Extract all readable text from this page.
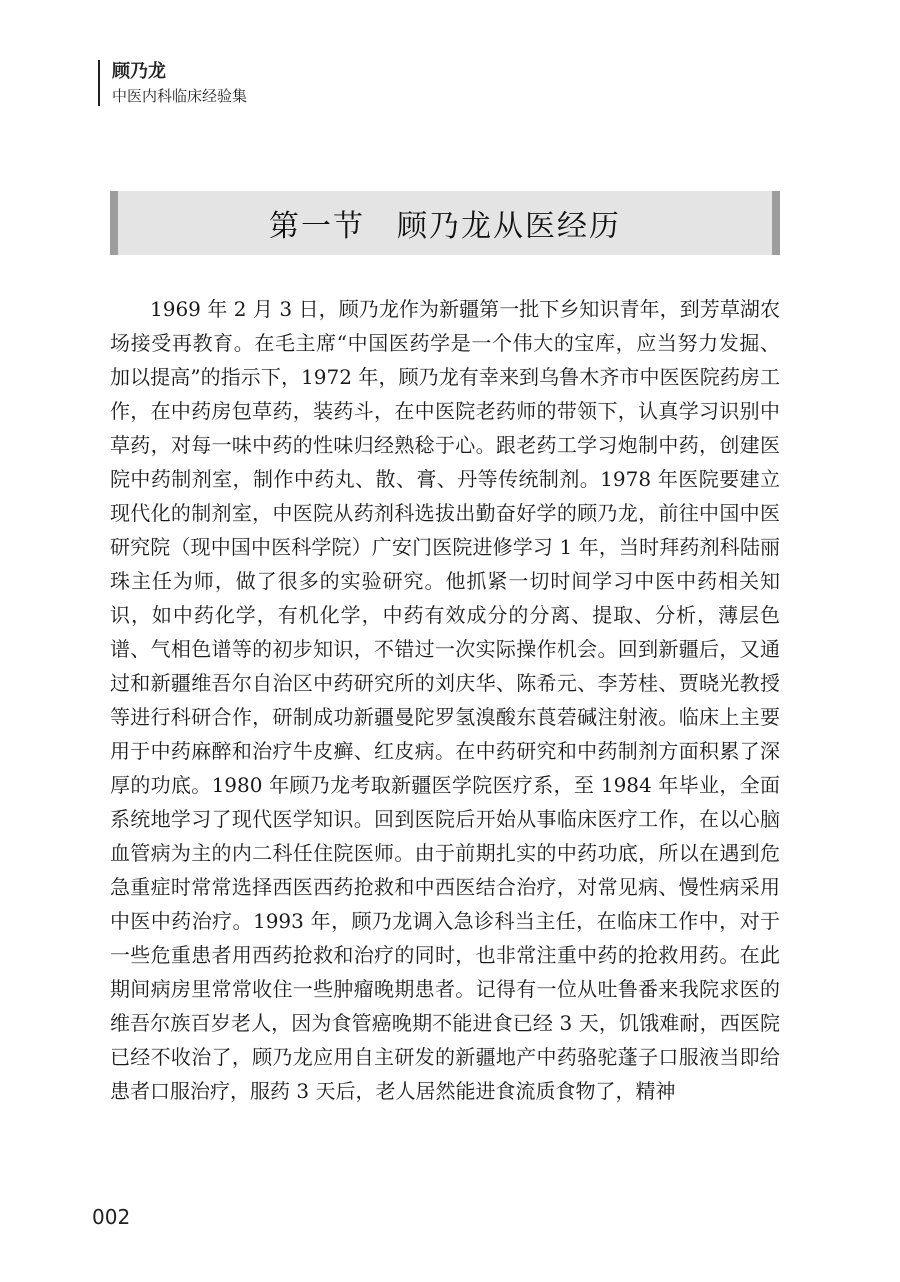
顾乃龙
中医内科临床经验集
第一节　顾乃龙从医经历

1969 年 2 月 3 日，顾乃龙作为新疆第一批下乡知识青年，到芳草湖农场接受再教育。在毛主席“中国医药学是一个伟大的宝库，应当努力发掘、加以提高”的指示下，1972 年，顾乃龙有幸来到乌鲁木齐市中医医院药房工作，在中药房包草药，装药斗，在中医院老药师的带领下，认真学习识别中草药，对每一味中药的性味归经熟稔于心。跟老药工学习炮制中药，创建医院中药制剂室，制作中药丸、散、膏、丹等传统制剂。1978 年医院要建立现代化的制剂室，中医院从药剂科选拔出勤奋好学的顾乃龙，前往中国中医研究院（现中国中医科学院）广安门医院进修学习 1 年，当时拜药剂科陆丽珠主任为师，做了很多的实验研究。他抓紧一切时间学习中医中药相关知识，如中药化学，有机化学，中药有效成分的分离、提取、分析，薄层色谱、气相色谱等的初步知识，不错过一次实际操作机会。回到新疆后，又通过和新疆维吾尔自治区中药研究所的刘庆华、陈希元、李芳桂、贾晓光教授等进行科研合作，研制成功新疆曼陀罗氢溴酸东莨菪碱注射液。临床上主要用于中药麻醉和治疗牛皮癣、红皮病。在中药研究和中药制剂方面积累了深厚的功底。1980 年顾乃龙考取新疆医学院医疗系，至 1984 年毕业，全面系统地学习了现代医学知识。回到医院后开始从事临床医疗工作，在以心脑血管病为主的内二科任住院医师。由于前期扎实的中药功底，所以在遇到危急重症时常常选择西医西药抢救和中西医结合治疗，对常见病、慢性病采用中医中药治疗。1993 年，顾乃龙调入急诊科当主任，在临床工作中，对于一些危重患者用西药抢救和治疗的同时，也非常注重中药的抢救用药。在此期间病房里常常收住一些肿瘤晚期患者。记得有一位从吐鲁番来我院求医的维吾尔族百岁老人，因为食管癌晚期不能进食已经 3 天，饥饿难耐，西医院已经不收治了，顾乃龙应用自主研发的新疆地产中药骆驼蓬子口服液当即给患者口服治疗，服药 3 天后，老人居然能进食流质食物了，精神

002
